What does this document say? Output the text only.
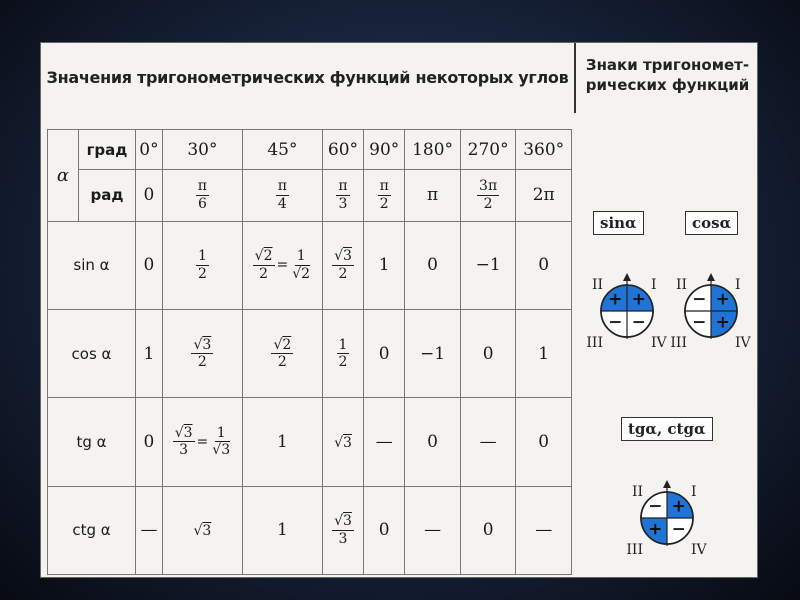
Значения тригонометрических функций некоторых углов
Знаки тригономет-
рических функций
α	град	0°	30°	45°	60°	90°	180°	270°	360°
	рад	0	$\frac{\pi}{6}$	$\frac{\pi}{4}$	$\frac{\pi}{3}$	$\frac{\pi}{2}$	π	$\frac{3\pi}{2}$	2π
sin α		0	$\frac{1}{2}$	$\frac{√2}{2} = \frac{1}{√2}$	$\frac{√3}{2}$	1	0	−1	0
cos α		1	$\frac{√3}{2}$	$\frac{√2}{2}$	$\frac{1}{2}$	0	−1	0	1
tg α		0	$\frac{√3}{3} = \frac{1}{√3}$	1	√3	—	0	—	0
ctg α		—	√3	1	$\frac{√3}{3}$	0	—	0	—
sinα	cosα
+
+
− −
I
II
III	IV
+
−
− +
I
II
III	IV
tgα, ctgα
+
−
+ −
I
II
III	IV
